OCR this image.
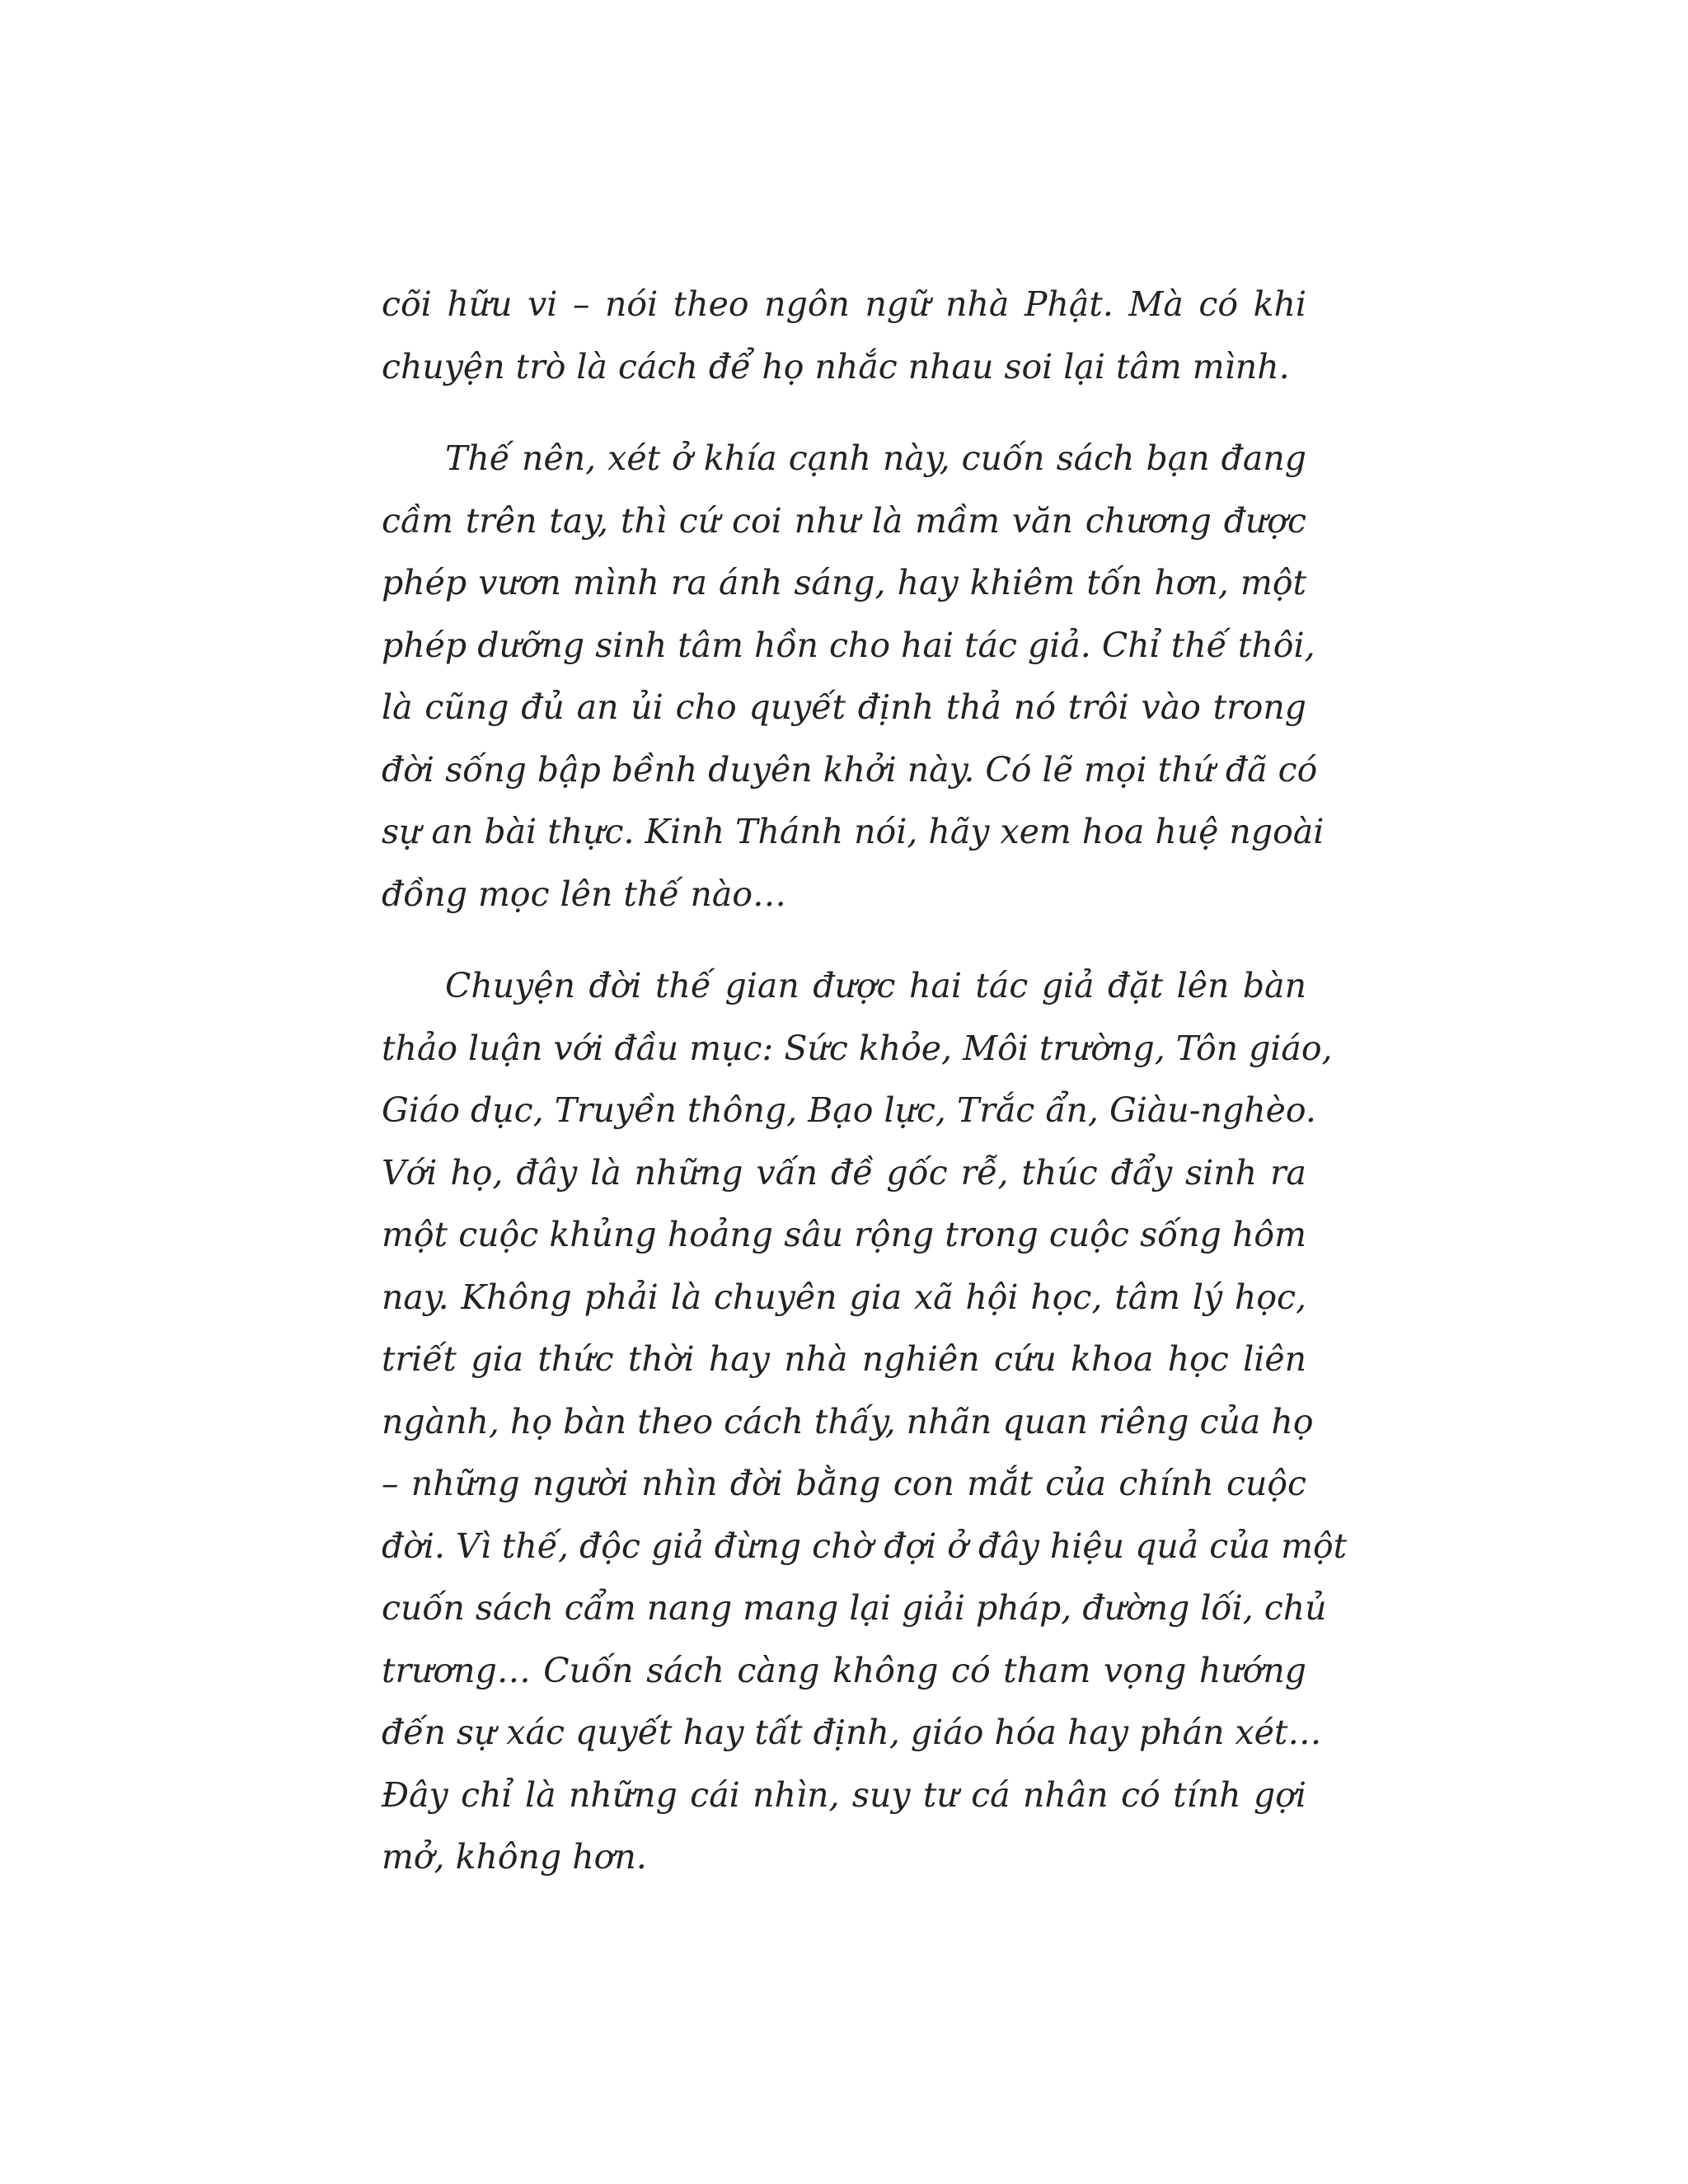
cõi hữu vi – nói theo ngôn ngữ nhà Phật. Mà có khi
chuyện trò là cách để họ nhắc nhau soi lại tâm mình.

Thế nên, xét ở khía cạnh này, cuốn sách bạn đang
cầm trên tay, thì cứ coi như là mầm văn chương được
phép vươn mình ra ánh sáng, hay khiêm tốn hơn, một
phép dưỡng sinh tâm hồn cho hai tác giả. Chỉ thế thôi,
là cũng đủ an ủi cho quyết định thả nó trôi vào trong
đời sống bập bềnh duyên khởi này. Có lẽ mọi thứ đã có
sự an bài thực. Kinh Thánh nói, hãy xem hoa huệ ngoài
đồng mọc lên thế nào…

Chuyện đời thế gian được hai tác giả đặt lên bàn
thảo luận với đầu mục: Sức khỏe, Môi trường, Tôn giáo,
Giáo dục, Truyền thông, Bạo lực, Trắc ẩn, Giàu-nghèo.
Với họ, đây là những vấn đề gốc rễ, thúc đẩy sinh ra
một cuộc khủng hoảng sâu rộng trong cuộc sống hôm
nay. Không phải là chuyên gia xã hội học, tâm lý học,
triết gia thức thời hay nhà nghiên cứu khoa học liên
ngành, họ bàn theo cách thấy, nhãn quan riêng của họ
– những người nhìn đời bằng con mắt của chính cuộc
đời. Vì thế, độc giả đừng chờ đợi ở đây hiệu quả của một
cuốn sách cẩm nang mang lại giải pháp, đường lối, chủ
trương… Cuốn sách càng không có tham vọng hướng
đến sự xác quyết hay tất định, giáo hóa hay phán xét…
Đây chỉ là những cái nhìn, suy tư cá nhân có tính gợi
mở, không hơn.
